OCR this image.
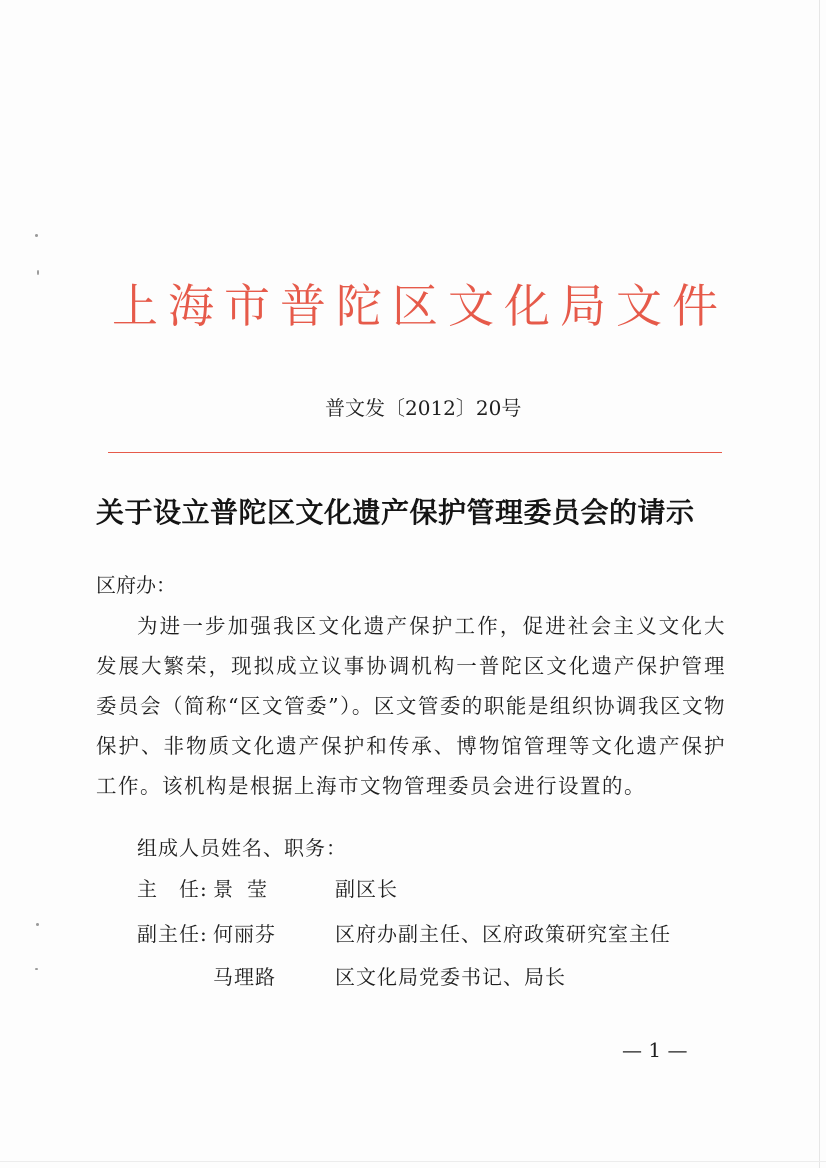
上海市普陀区文化局文件
普文发〔2012〕20号
关于设立普陀区文化遗产保护管理委员会的请示
区府办：
为进一步加强我区文化遗产保护工作，促进社会主义文化大发展大繁荣，现拟成立议事协调机构一普陀区文化遗产保护管理委员会（简称“区文管委”）。区文管委的职能是组织协调我区文物保护、非物质文化遗产保护和传承、博物馆管理等文化遗产保护工作。该机构是根据上海市文物管理委员会进行设置的。
组成人员姓名、职务：
主　任: 景莹	副区长
副主任: 何丽芬	区府办副主任、区府政策研究室主任
马理路	区文化局党委书记、局长
— 1 —
